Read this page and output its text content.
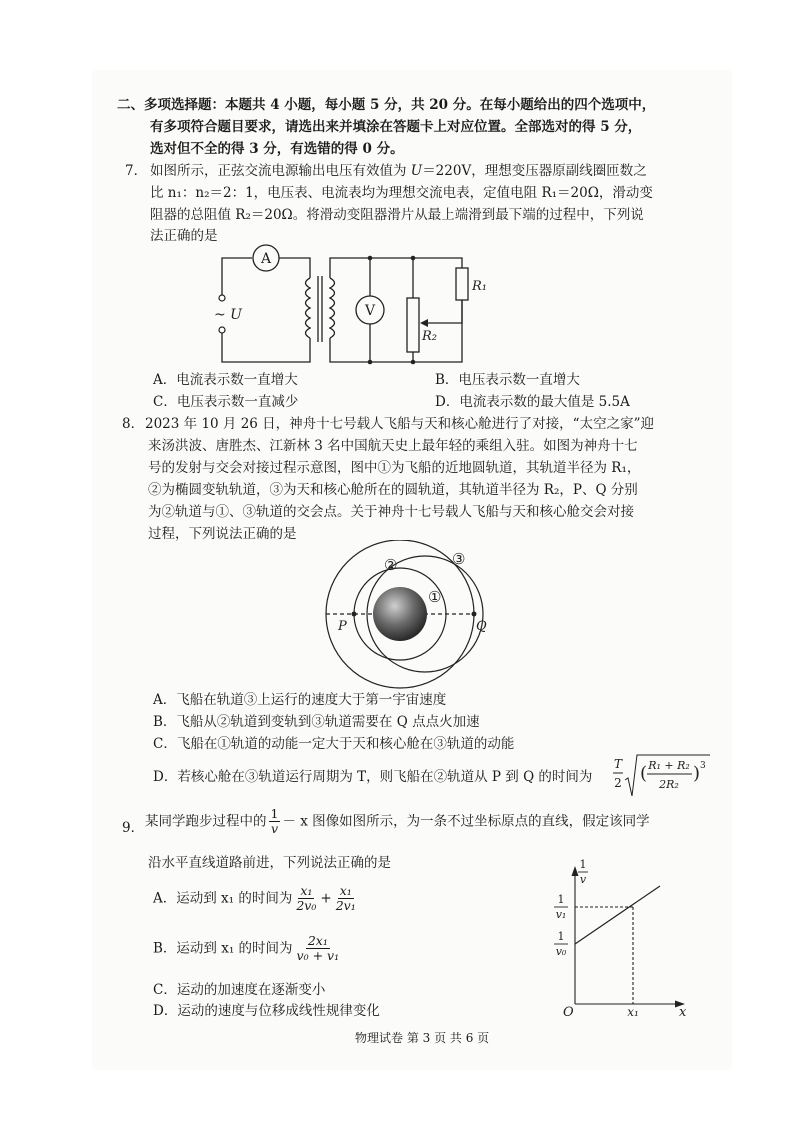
二、多项选择题：本题共 4 小题，每小题 5 分，共 20 分。在每小题给出的四个选项中，
有多项符合题目要求，请选出来并填涂在答题卡上对应位置。全部选对的得 5 分，
选对但不全的得 3 分，有选错的得 0 分。
7． 如图所示，正弦交流电源输出电压有效值为 U＝220V，理想变压器原副线圈匝数之
比 n₁：n₂＝2：1，电压表、电流表均为理想交流电表，定值电阻 R₁＝20Ω，滑动变
阻器的总阻值 R₂＝20Ω。将滑动变阻器滑片从最上端滑到最下端的过程中，下列说
法正确的是
A
V
~ U
R₁
R₂
A．电流表示数一直增大	B．电压表示数一直增大
C．电压表示数一直减少	D．电流表示数的最大值是 5.5A
8． 2023 年 10 月 26 日，神舟十七号载人飞船与天和核心舱进行了对接，“太空之家”迎
来汤洪波、唐胜杰、江新林 3 名中国航天史上最年轻的乘组入驻。如图为神舟十七
号的发射与交会对接过程示意图，图中①为飞船的近地圆轨道，其轨道半径为 R₁，
②为椭圆变轨轨道，③为天和核心舱所在的圆轨道，其轨道半径为 R₂，P、Q 分别
为②轨道与①、③轨道的交会点。关于神舟十七号载人飞船与天和核心舱交会对接
过程，下列说法正确的是
②	③
①
P	Q
A．飞船在轨道③上运行的速度大于第一宇宙速度
B．飞船从②轨道到变轨到③轨道需要在 Q 点点火加速
C．飞船在①轨道的动能一定大于天和核心舱在③轨道的动能
D．若核心舱在③轨道运行周期为 T，则飞船在②轨道从 P 到 Q 的时间为
T
2 ( R₁ + R₂
2R₂
) 3
9． 某同学跑步过程中的 $\frac{1}{v} - x$ 图像如图所示，为一条不过坐标原点的直线，假定该同学
沿水平直线道路前进，下列说法正确的是
A．运动到 x₁ 的时间为 $\frac{\text{x₁}}{\text{2v₀}} + \frac{\text{x₁}}{\text{2v₁}}$
B．运动到 x₁ 的时间为 $\frac{\text{2x₁}}{\text{v₀ + v₁}}$
C．运动的加速度在逐渐变小
D．运动的速度与位移成线性规律变化
1
v
1
v₁
1
v₀
O	x₁	x
物理试卷 第 3 页 共 6 页
